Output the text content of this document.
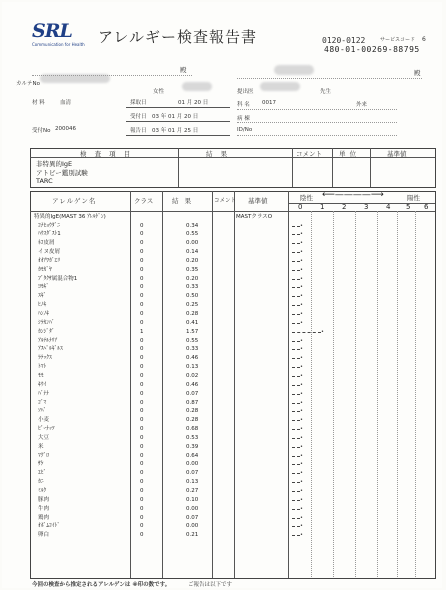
SRL
Communication for Health アレルギー検査報告書	0120-0122	サービスコード 6
480-01-00269-88795
カルテNo
殿
女性
材 料	血清
受付No 200046
採取日	01 月 20 日
受付日 03 年 01 月 20 日
報告日 03 年 01 月 25 日
提出医	先生
殿
科 名 0017	外来
病 棟
ID/No
検 査 項 目	結 果	コメント	単 位	基準値
非特異的IgE
アトピー鑑別試験
TARC
アレルゲン名	クラス	結 果	コメント 基準値	陰性	陽性
⟵————⟶
0	1	2	3	4 5 6
特異的IgE(MAST 36 ｱﾚﾙｹﾞﾝ)	MASTクラスO
ｺﾅﾋｮｳﾀﾞﾆ	0	0.34	•
ﾊｳｽﾀﾞｽﾄ1	0	0.55	•
ﾈｺ皮屑	0	0.00	•
イヌ皮屑	0	0.14	•
ｵｵｱﾜｶﾞｴﾘ	0	0.20	•
ｶﾓｶﾞﾔ	0	0.35	•
ﾌﾞﾀｸｻ属混合物1	0	0.20	•
ﾖﾓｷﾞ	0	0.33	•
ｽｷﾞ	0	0.50	•
ﾋﾉｷ	0	0.25	•
ﾊﾝﾉｷ	0	0.28	•
ｼﾗｶﾝﾊﾞ	0	0.41	•
ｶﾝｼﾞﾀﾞ	1	1.57	•
ｱﾙﾃﾙﾅﾘｱ	0	0.55	•
ｱｽﾍﾟﾙｷﾞﾙｽ	0	0.33	•
ﾗﾃｯｸｽ	0	0.46	•
ﾄﾏﾄ	0	0.13	•
ﾓﾓ	0	0.02	•
ｷｳｲ	0	0.46	•
ﾊﾞﾅﾅ	0	0.07	•
ｺﾞﾏ	0	0.87	•
ｿﾊﾞ	0	0.28	•
小麦	0	0.28	•
ﾋﾟｰﾅｯﾂ	0	0.68	•
大豆	0	0.53	•
米	0	0.39	•
ﾏｸﾞﾛ	0	0.64	•
ｻｹ	0	0.00	•
ｴﾋﾞ	0	0.07	•
ｶﾆ	0	0.13	•
ﾐﾙｸ	0	0.27	•
豚肉	0	0.10	•
牛肉	0	0.00	•
鶏肉	0	0.07	•
ｵﾎﾞﾑｺｲﾄﾞ	0	0.00	•
卵白	0	0.21	•
今回の検査から推定されるアレルゲンは ※印の数です。	ご報告は以下です
